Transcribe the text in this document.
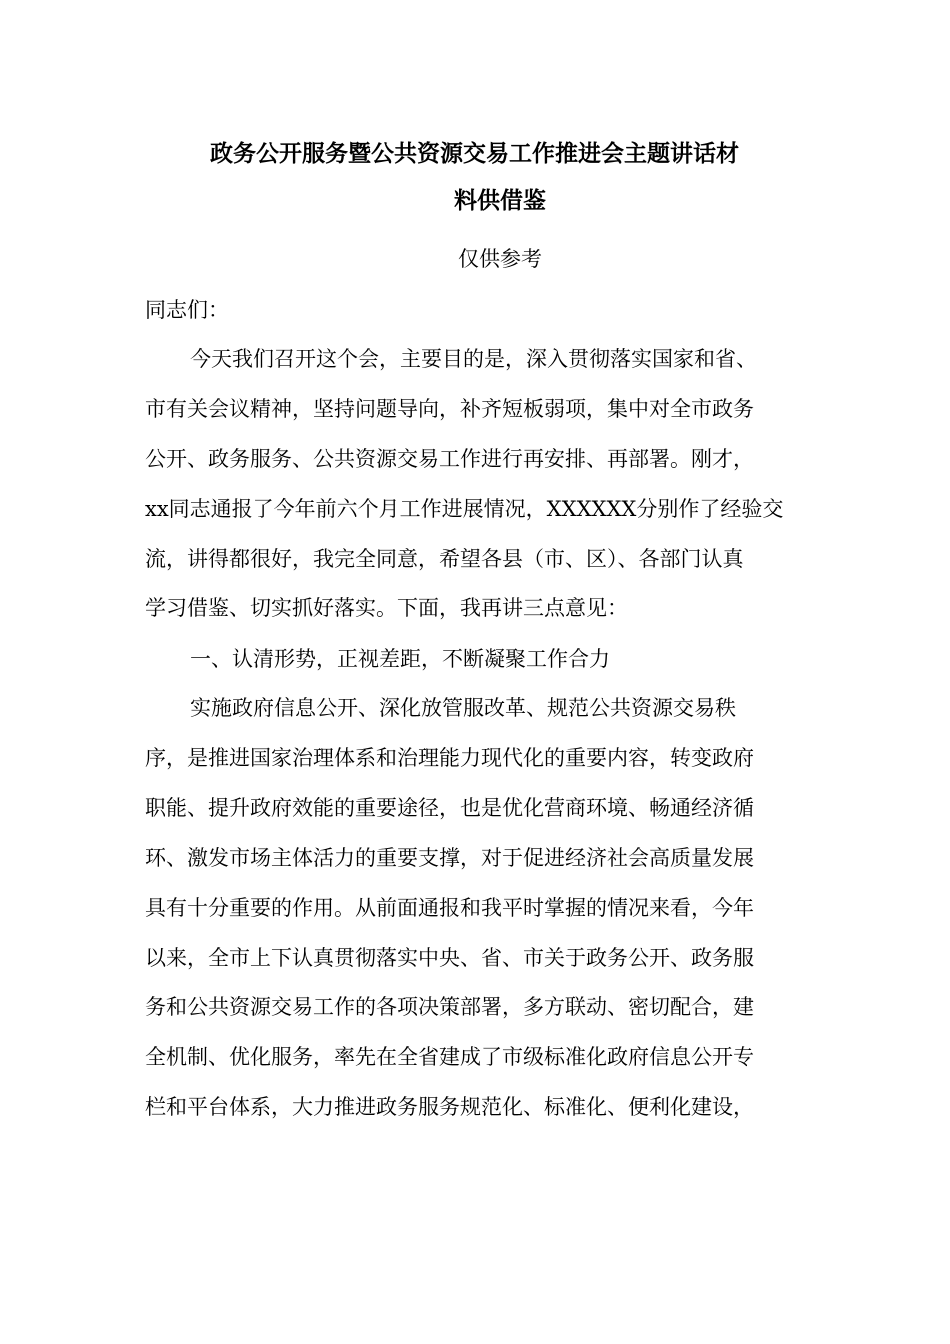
政务公开服务暨公共资源交易工作推进会主题讲话材
料供借鉴
仅供参考
同志们：
今天我们召开这个会，主要目的是，深入贯彻落实国家和省、
市有关会议精神，坚持问题导向，补齐短板弱项，集中对全市政务
公开、政务服务、公共资源交易工作进行再安排、再部署。刚才，
xx同志通报了今年前六个月工作进展情况，XXXXXX分别作了经验交
流，讲得都很好，我完全同意，希望各县（市、区）、各部门认真
学习借鉴、切实抓好落实。下面，我再讲三点意见：
一、认清形势，正视差距，不断凝聚工作合力
实施政府信息公开、深化放管服改革、规范公共资源交易秩
序，是推进国家治理体系和治理能力现代化的重要内容，转变政府
职能、提升政府效能的重要途径，也是优化营商环境、畅通经济循
环、激发市场主体活力的重要支撑，对于促进经济社会高质量发展
具有十分重要的作用。从前面通报和我平时掌握的情况来看，今年
以来，全市上下认真贯彻落实中央、省、市关于政务公开、政务服
务和公共资源交易工作的各项决策部署，多方联动、密切配合，建
全机制、优化服务，率先在全省建成了市级标准化政府信息公开专
栏和平台体系，大力推进政务服务规范化、标准化、便利化建设，
